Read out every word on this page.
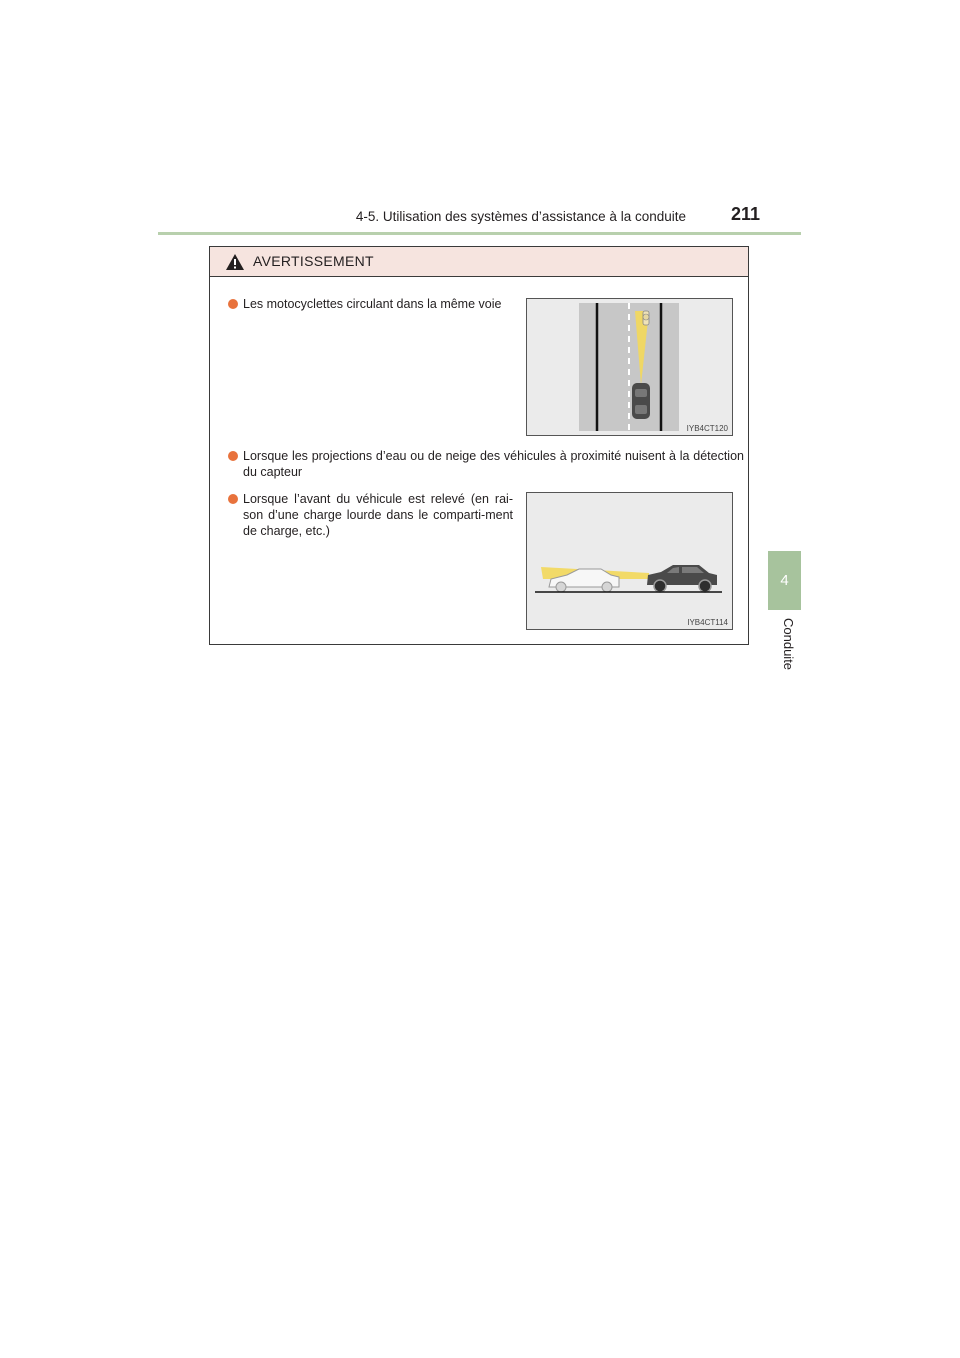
4-5. Utilisation des systèmes d’assistance à la conduite 211
4
Conduite
AVERTISSEMENT
Les motocyclettes circulant dans la même voie
IYB4CT120
Lorsque les projections d’eau ou de neige des véhicules à proximité nuisent à la détection du capteur
Lorsque l’avant du véhicule est relevé (en rai-son d’une charge lourde dans le comparti-ment de charge, etc.)
IYB4CT114
